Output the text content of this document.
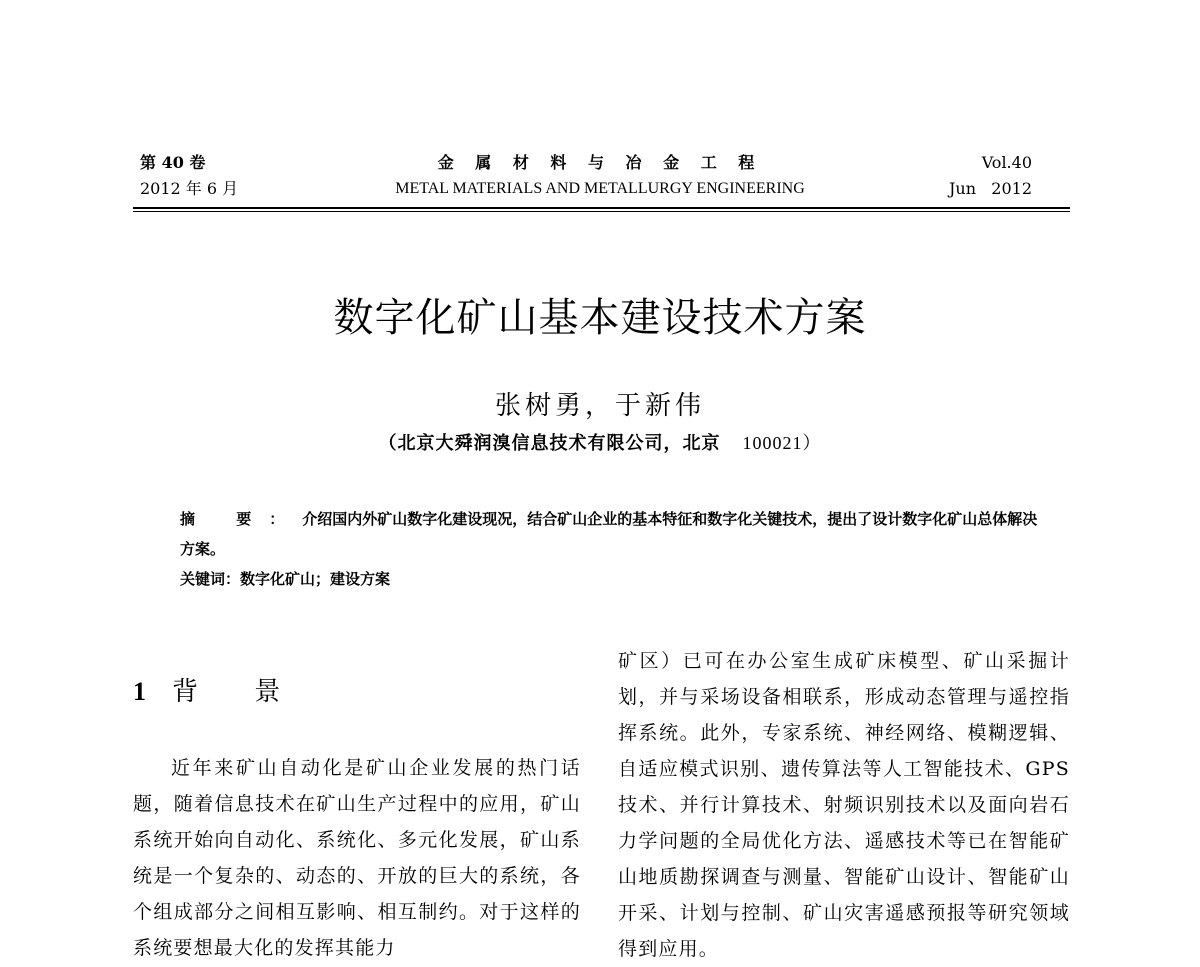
第 40 卷
2012 年 6 月
金 属 材 料 与 冶 金 工 程
METAL MATERIALS AND METALLURGY ENGINEERING
Vol.40
Jun   2012
数字化矿山基本建设技术方案
张树勇，于新伟
（北京大舜润溴信息技术有限公司，北京 100021）
摘 要：介绍国内外矿山数字化建设现况，结合矿山企业的基本特征和数字化关键技术，提出了设计数字化矿山总体解决方案。
关键词：数字化矿山；建设方案
1 背 景

近年来矿山自动化是矿山企业发展的热门话题，随着信息技术在矿山生产过程中的应用，矿山系统开始向自动化、系统化、多元化发展，矿山系统是一个复杂的、动态的、开放的巨大的系统，各个组成部分之间相互影响、相互制约。对于这样的系统要想最大化的发挥其能力

矿区）已可在办公室生成矿床模型、矿山采掘计划，并与采场设备相联系，形成动态管理与遥控指挥系统。此外，专家系统、神经网络、模糊逻辑、自适应模式识别、遗传算法等人工智能技术、GPS 技术、并行计算技术、射频识别技术以及面向岩石力学问题的全局优化方法、遥感技术等已在智能矿山地质勘探调查与测量、智能矿山设计、智能矿山开采、计划与控制、矿山灾害遥感预报等研究领域得到应用。
